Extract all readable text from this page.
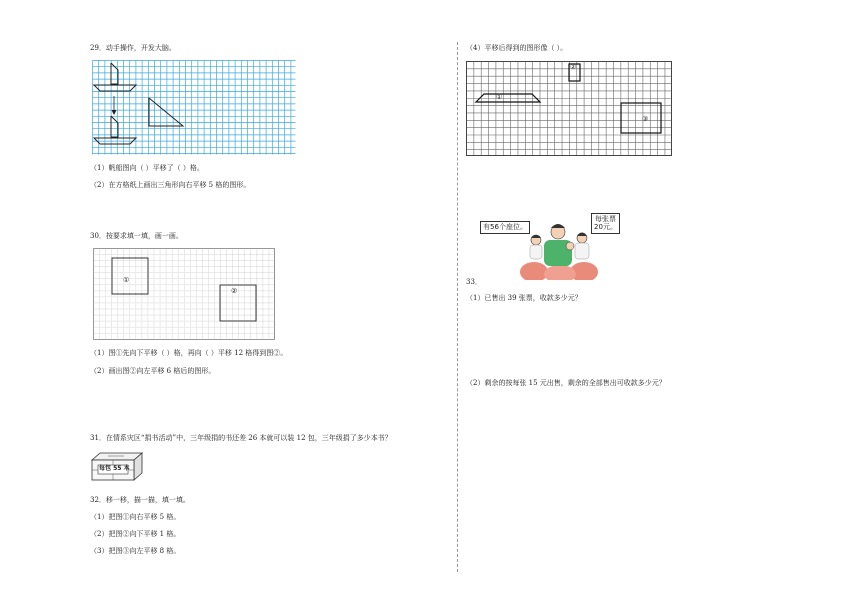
29．动手操作，开发大脑。
（1）帆船图向（ ）平移了（ ）格。
（2）在方格纸上画出三角形向右平移 5 格的图形。
30．按要求填一填，画一画。
①
②
（1）图①先向下平移（ ）格，再向（ ）平移 12 格得到图②。
（2）画出图②向左平移 6 格后的图形。
31．在情系灾区“捐书活动”中，三年级捐的书还差 26 本就可以装 12 包，三年级捐了多少本书？
每包 55 本
32．移一移，描一描，填一填。
（1）把图①向右平移 5 格。
（2）把图②向下平移 1 格。
（3）把图③向左平移 8 格。
（4）平移后得到的图形像（ ）。
①
②
③
有56个座位。
每张票
20元。
33．
（1）已售出 39 张票，收款多少元？
（2）剩余的按每张 15 元出售，剩余的全部售出可收款多少元？
